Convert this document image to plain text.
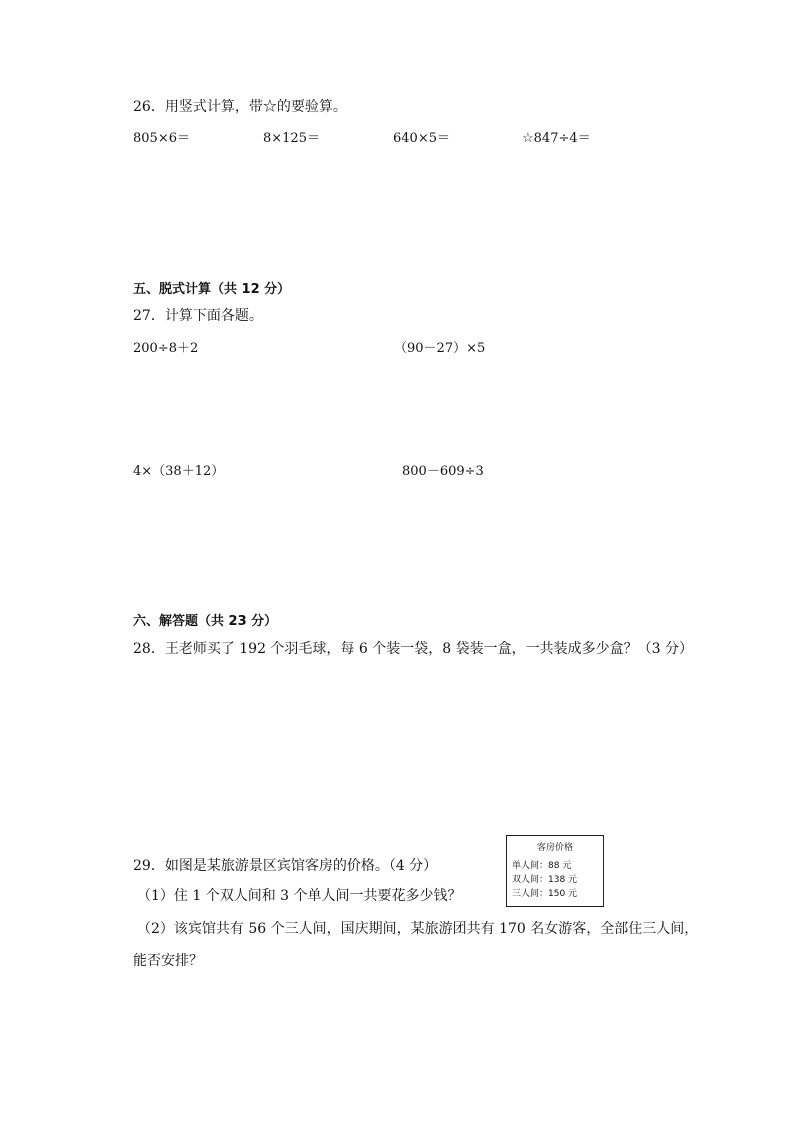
26．用竖式计算，带☆的要验算。
805×6＝	8×125＝	640×5＝	☆847÷4＝
五、脱式计算（共 12 分）
27．计算下面各题。
200÷8＋2	（90－27）×5
4×（38＋12）	800－609÷3
六、解答题（共 23 分）
28．王老师买了 192 个羽毛球，每 6 个装一袋，8 袋装一盒，一共装成多少盒？（3 分）
29．如图是某旅游景区宾馆客房的价格。（4 分）
（1）住 1 个双人间和 3 个单人间一共要花多少钱？
（2）该宾馆共有 56 个三人间，国庆期间，某旅游团共有 170 名女游客，全部住三人间，
能否安排？
客房价格
单人间：88 元
双人间：138 元
三人间：150 元
